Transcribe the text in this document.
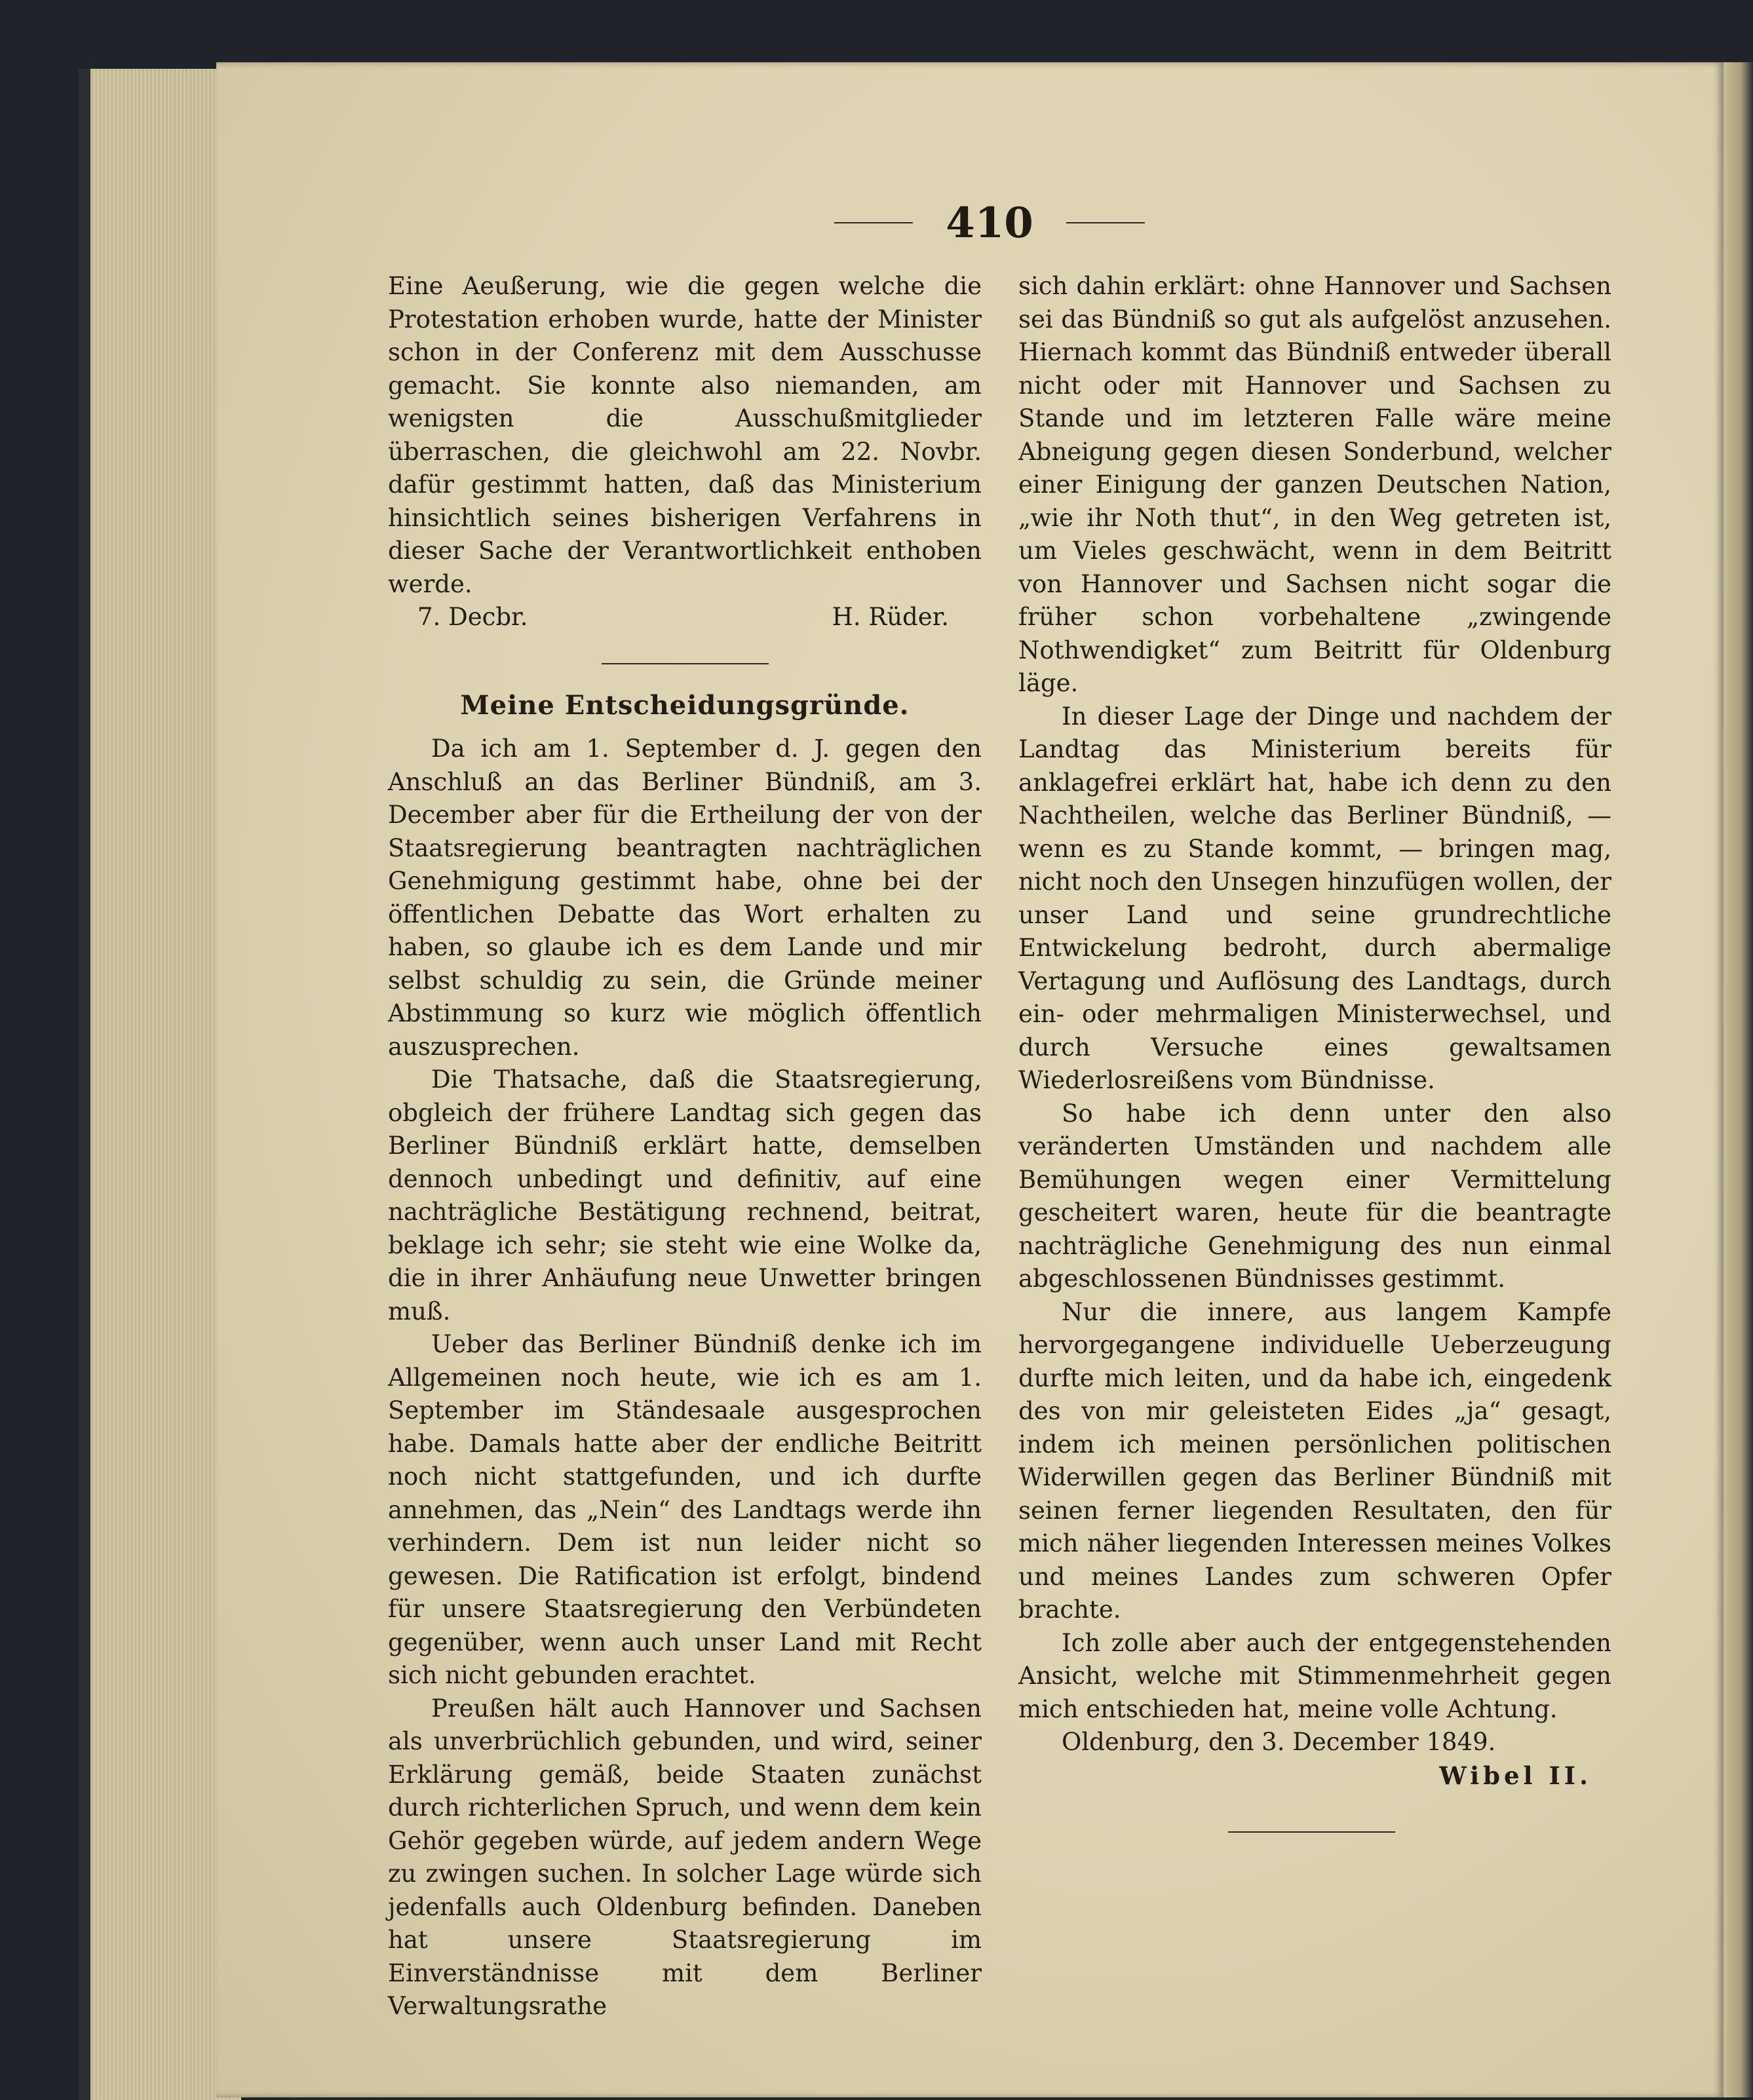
410

Eine Aeußerung, wie die gegen welche die Protestation erhoben wurde, hatte der Minister schon in der Conferenz mit dem Ausschusse gemacht. Sie konnte also niemanden, am wenigsten die Ausschußmitglieder überraschen, die gleichwohl am 22. Novbr. dafür gestimmt hatten, daß das Ministerium hinsichtlich seines bisherigen Verfahrens in dieser Sache der Verantwortlichkeit enthoben werde.

7. Decbr.	H. Rüder.
Meine Entscheidungsgründe.

Da ich am 1. September d. J. gegen den Anschluß an das Berliner Bündniß, am 3. December aber für die Ertheilung der von der Staatsregierung beantragten nachträglichen Genehmigung gestimmt habe, ohne bei der öffentlichen Debatte das Wort erhalten zu haben, so glaube ich es dem Lande und mir selbst schuldig zu sein, die Gründe meiner Abstimmung so kurz wie möglich öffentlich auszusprechen.

Die Thatsache, daß die Staatsregierung, obgleich der frühere Landtag sich gegen das Berliner Bündniß erklärt hatte, demselben dennoch unbedingt und definitiv, auf eine nachträgliche Bestätigung rechnend, beitrat, beklage ich sehr; sie steht wie eine Wolke da, die in ihrer Anhäufung neue Unwetter bringen muß.

Ueber das Berliner Bündniß denke ich im Allgemeinen noch heute, wie ich es am 1. September im Ständesaale ausgesprochen habe. Damals hatte aber der endliche Beitritt noch nicht stattgefunden, und ich durfte annehmen, das „Nein“ des Landtags werde ihn verhindern. Dem ist nun leider nicht so gewesen. Die Ratification ist erfolgt, bindend für unsere Staatsregierung den Verbündeten gegenüber, wenn auch unser Land mit Recht sich nicht gebunden erachtet.

Preußen hält auch Hannover und Sachsen als unverbrüchlich gebunden, und wird, seiner Erklärung gemäß, beide Staaten zunächst durch richterlichen Spruch, und wenn dem kein Gehör gegeben würde, auf jedem andern Wege zu zwingen suchen. In solcher Lage würde sich jedenfalls auch Oldenburg befinden. Daneben hat unsere Staatsregierung im Einverständnisse mit dem Berliner Verwaltungsrathe

sich dahin erklärt: ohne Hannover und Sachsen sei das Bündniß so gut als aufgelöst anzusehen. Hiernach kommt das Bündniß entweder überall nicht oder mit Hannover und Sachsen zu Stande und im letzteren Falle wäre meine Abneigung gegen diesen Sonderbund, welcher einer Einigung der ganzen Deutschen Nation, „wie ihr Noth thut“, in den Weg getreten ist, um Vieles geschwächt, wenn in dem Beitritt von Hannover und Sachsen nicht sogar die früher schon vorbehaltene „zwingende Nothwendigket“ zum Beitritt für Oldenburg läge.

In dieser Lage der Dinge und nachdem der Landtag das Ministerium bereits für anklagefrei erklärt hat, habe ich denn zu den Nachtheilen, welche das Berliner Bündniß, — wenn es zu Stande kommt, — bringen mag, nicht noch den Unsegen hinzufügen wollen, der unser Land und seine grundrechtliche Entwickelung bedroht, durch abermalige Vertagung und Auflösung des Landtags, durch ein- oder mehrmaligen Ministerwechsel, und durch Versuche eines gewaltsamen Wiederlosreißens vom Bündnisse.

So habe ich denn unter den also veränderten Umständen und nachdem alle Bemühungen wegen einer Vermittelung gescheitert waren, heute für die beantragte nachträgliche Genehmigung des nun einmal abgeschlossenen Bündnisses gestimmt.

Nur die innere, aus langem Kampfe hervorgegangene individuelle Ueberzeugung durfte mich leiten, und da habe ich, eingedenk des von mir geleisteten Eides „ja“ gesagt, indem ich meinen persönlichen politischen Widerwillen gegen das Berliner Bündniß mit seinen ferner liegenden Resultaten, den für mich näher liegenden Interessen meines Volkes und meines Landes zum schweren Opfer brachte.

Ich zolle aber auch der entgegenstehenden Ansicht, welche mit Stimmenmehrheit gegen mich entschieden hat, meine volle Achtung.

Oldenburg, den 3. December 1849.

Wibel II.
